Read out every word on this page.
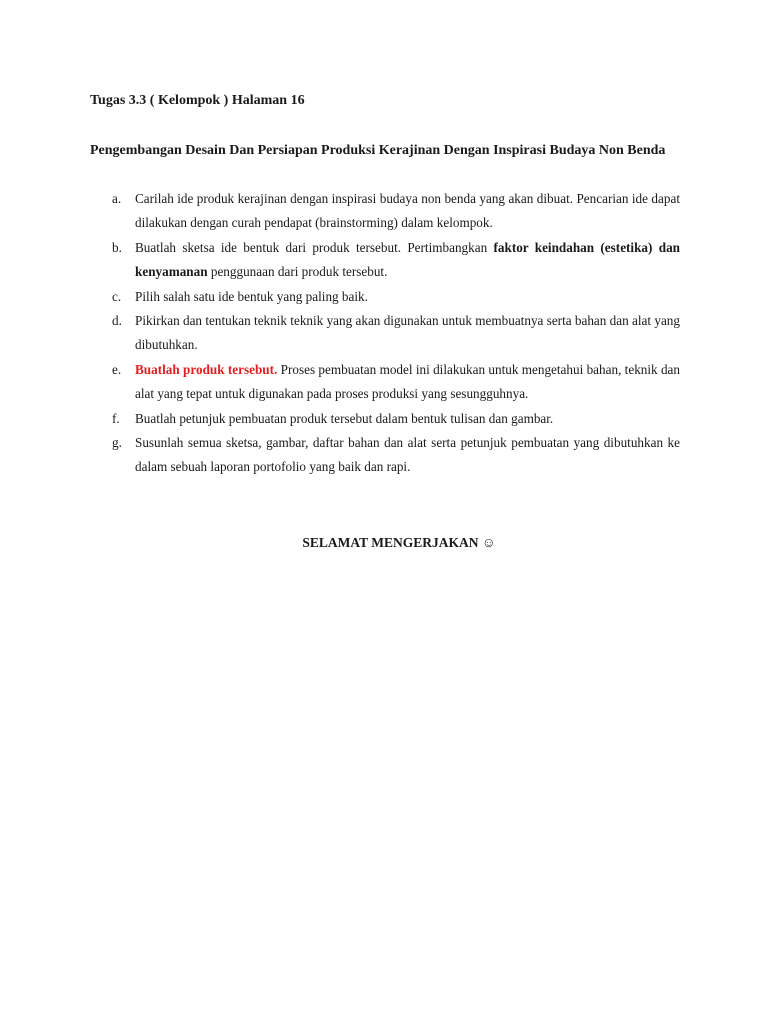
Tugas 3.3 ( Kelompok ) Halaman 16
Pengembangan Desain Dan Persiapan Produksi Kerajinan Dengan Inspirasi Budaya Non Benda
a. Carilah ide produk kerajinan dengan inspirasi budaya non benda yang akan dibuat. Pencarian ide dapat dilakukan dengan curah pendapat (brainstorming) dalam kelompok.
b. Buatlah sketsa ide bentuk dari produk tersebut. Pertimbangkan faktor keindahan (estetika) dan kenyamanan penggunaan dari produk tersebut.
c. Pilih salah satu ide bentuk yang paling baik.
d. Pikirkan dan tentukan teknik teknik yang akan digunakan untuk membuatnya serta bahan dan alat yang dibutuhkan.
e. Buatlah produk tersebut. Proses pembuatan model ini dilakukan untuk mengetahui bahan, teknik dan alat yang tepat untuk digunakan pada proses produksi yang sesungguhnya.
f. Buatlah petunjuk pembuatan produk tersebut dalam bentuk tulisan dan gambar.
g. Susunlah semua sketsa, gambar, daftar bahan dan alat serta petunjuk pembuatan yang dibutuhkan ke dalam sebuah laporan portofolio yang baik dan rapi.
SELAMAT MENGERJAKAN ☺
